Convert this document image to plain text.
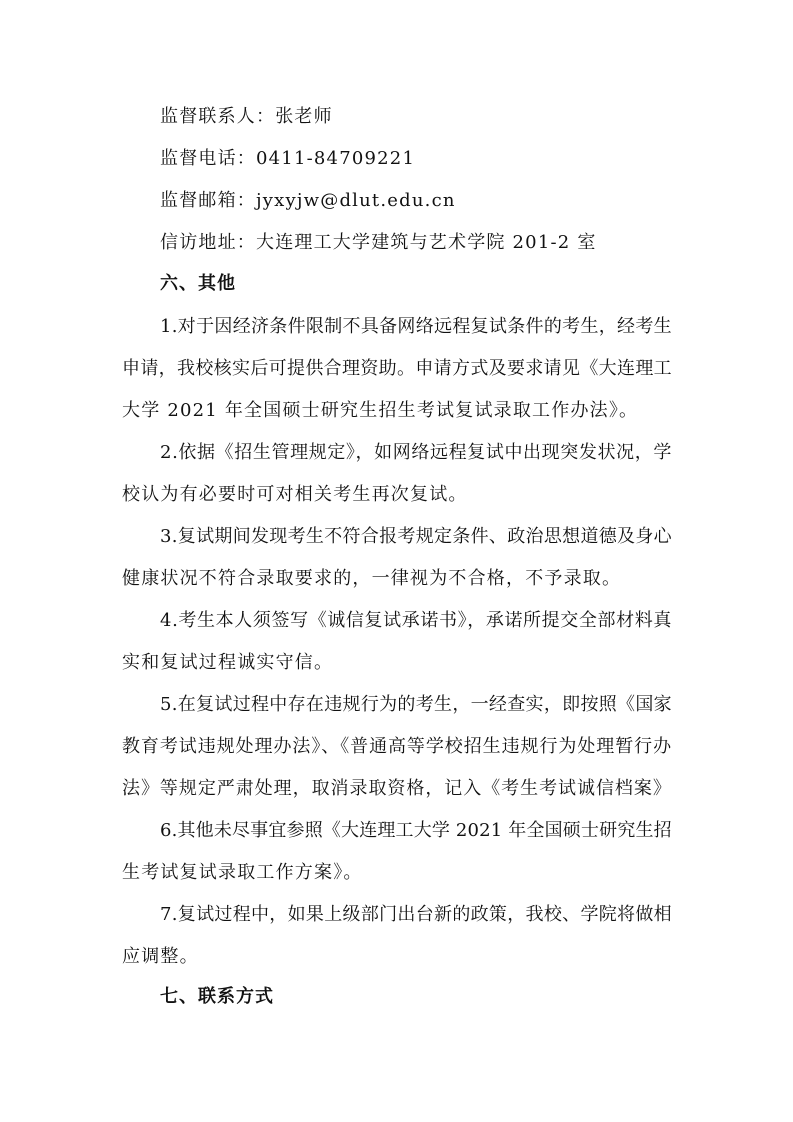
监督联系人：张老师
监督电话：0411-84709221
监督邮箱：jyxyjw@dlut.edu.cn
信访地址：大连理工大学建筑与艺术学院 201-2 室
六、其他
1.对于因经济条件限制不具备网络远程复试条件的考生，经考生
申请，我校核实后可提供合理资助。申请方式及要求请见《大连理工
大学 2021 年全国硕士研究生招生考试复试录取工作办法》。
2.依据《招生管理规定》，如网络远程复试中出现突发状况，学
校认为有必要时可对相关考生再次复试。
3.复试期间发现考生不符合报考规定条件、政治思想道德及身心
健康状况不符合录取要求的，一律视为不合格，不予录取。
4.考生本人须签写《诚信复试承诺书》，承诺所提交全部材料真
实和复试过程诚实守信。
5.在复试过程中存在违规行为的考生，一经查实，即按照《国家
教育考试违规处理办法》、《普通高等学校招生违规行为处理暂行办
法》等规定严肃处理，取消录取资格，记入《考生考试诚信档案》
6.其他未尽事宜参照《大连理工大学 2021 年全国硕士研究生招
生考试复试录取工作方案》。
7.复试过程中，如果上级部门出台新的政策，我校、学院将做相
应调整。
七、联系方式
